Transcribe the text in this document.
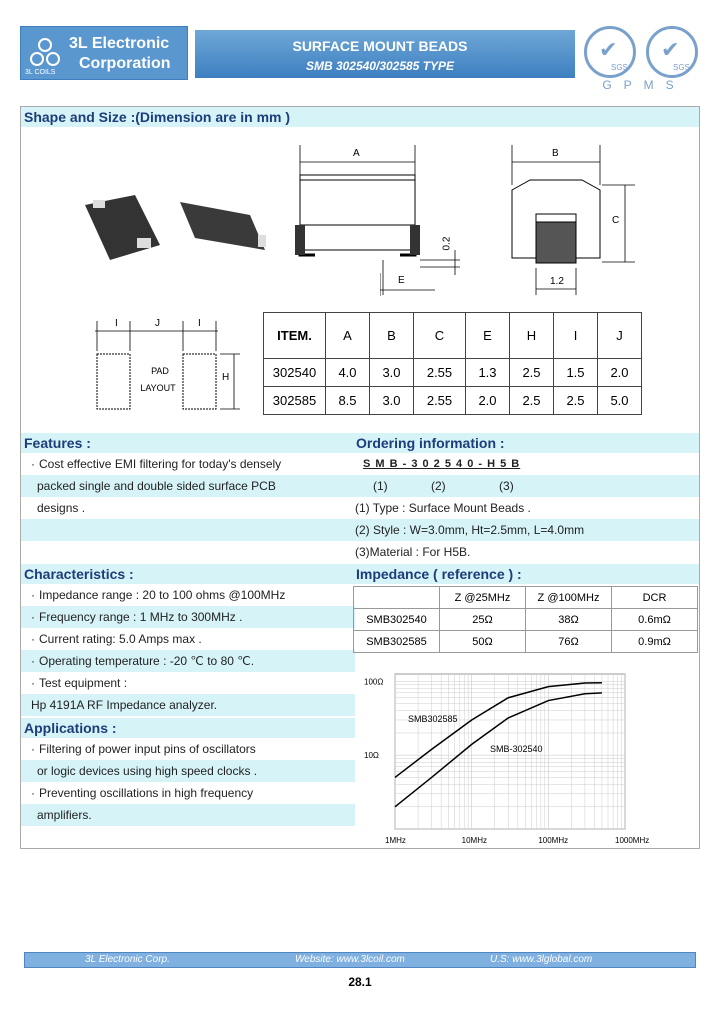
3L Electronic
Corporation
3L COILS
SURFACE MOUNT BEADS
SMB 302540/302585 TYPE
✔
SGS
✔
SGS
GPMS
Shape and Size :(Dimension are in mm )
A
E
0.2
B
C
1.2
I	J	I
H
PAD
LAYOUT
ITEM.	A	B	C	E	H	I	J
302540	4.0	3.0	2.55	1.3	2.5	1.5	2.0
302585	8.5	3.0	2.55	2.0	2.5	2.5	5.0
Features :
· Cost effective EMI filtering for today's densely
packed single and double sided surface PCB
designs .
Ordering information :
S M B - 3 0 2 5 4 0 - H 5 B
(1)	(2)	(3)
(1) Type : Surface Mount Beads .
(2) Style : W=3.0mm, Ht=2.5mm, L=4.0mm
(3)Material : For H5B.
Characteristics :
· Impedance range : 20 to 100 ohms @100MHz
· Frequency range : 1 MHz to 300MHz .
· Current rating: 5.0 Amps max .
· Operating temperature : -20 ℃ to 80 ℃.
· Test equipment :
Hp 4191A RF Impedance analyzer.
Impedance ( reference ) :
	Z @25MHz	Z @100MHz	DCR
SMB302540	25Ω	38Ω	0.6mΩ
SMB302585	50Ω	76Ω	0.9mΩ
Applications :
· Filtering of power input pins of oscillators
or logic devices using high speed clocks .
· Preventing oscillations in high frequency
amplifiers.
SMB302585
SMB-302540
1MHz	10MHz	100MHz	1000MHz
100Ω
10Ω
3L Electronic Corp.	Website: www.3lcoil.com	U.S: www.3lglobal.com
28.1
